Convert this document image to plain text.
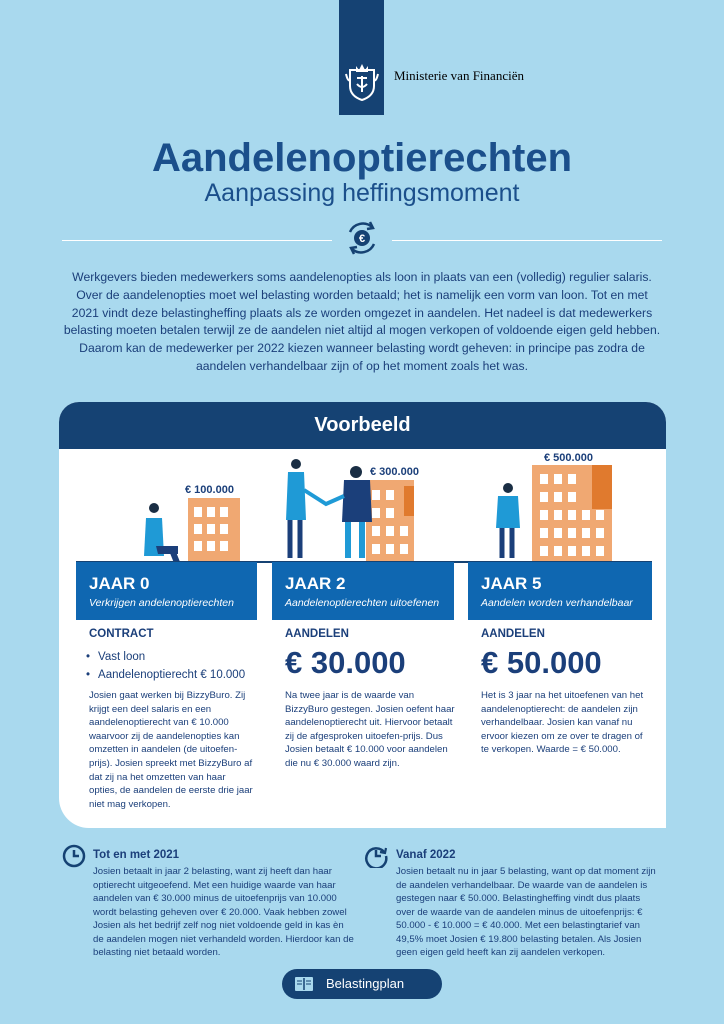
Ministerie van Financiën
Aandelenoptierechten
Aanpassing heffingsmoment
€
Werkgevers bieden medewerkers soms aandelenopties als loon in plaats van een (volledig) regulier salaris. Over de aandelenopties moet wel belasting worden betaald; het is namelijk een vorm van loon. Tot en met 2021 vindt deze belastingheffing plaats als ze worden omgezet in aandelen. Het nadeel is dat medewerkers belasting moeten betalen terwijl ze de aandelen niet altijd al mogen verkopen of voldoende eigen geld hebben. Daarom kan de medewerker per 2022 kiezen wanneer belasting wordt geheven: in principe pas zodra de aandelen verhandelbaar zijn of op het moment zoals het was.
Voorbeeld
€ 100.000
€ 300.000
€ 500.000
JAAR 0
Verkrijgen andelenoptierechten
JAAR 2
Aandelenoptierechten uitoefenen
JAAR 5
Aandelen worden verhandelbaar
CONTRACT
• Vast loon
• Aandelenoptierecht € 10.000
Josien gaat werken bij BizzyBuro. Zij krijgt een deel salaris en een aandelenoptierecht van € 10.000 waarvoor zij de aandelenopties kan omzetten in aandelen (de uitoefen-prijs). Josien spreekt met BizzyBuro af dat zij na het omzetten van haar opties, de aandelen de eerste drie jaar niet mag verkopen.
AANDELEN
€ 30.000
Na twee jaar is de waarde van BizzyBuro gestegen. Josien oefent haar aandelenoptierecht uit. Hiervoor betaalt zij de afgesproken uitoefen-prijs. Dus Josien betaalt € 10.000 voor aandelen die nu € 30.000 waard zijn.
AANDELEN
€ 50.000
Het is 3 jaar na het uitoefenen van het aandelenoptierecht: de aandelen zijn verhandelbaar. Josien kan vanaf nu ervoor kiezen om ze over te dragen of te verkopen. Waarde = € 50.000.
Tot en met 2021
Josien betaalt in jaar 2 belasting, want zij heeft dan haar optierecht uitgeoefend. Met een huidige waarde van haar aandelen van € 30.000 minus de uitoefenprijs van 10.000 wordt belasting geheven over € 20.000. Vaak hebben zowel Josien als het bedrijf zelf nog niet voldoende geld in kas èn de aandelen mogen niet verhandeld worden. Hierdoor kan de belasting niet betaald worden.
Vanaf 2022
Josien betaalt nu in jaar 5 belasting, want op dat moment zijn de aandelen verhandelbaar. De waarde van de aandelen is gestegen naar € 50.000. Belastingheffing vindt dus plaats over de waarde van de aandelen minus de uitoefenprijs: € 50.000 - € 10.000 = € 40.000. Met een belastingtarief van 49,5% moet Josien € 19.800 belasting betalen. Als Josien geen eigen geld heeft kan zij aandelen verkopen.
Belastingplan
